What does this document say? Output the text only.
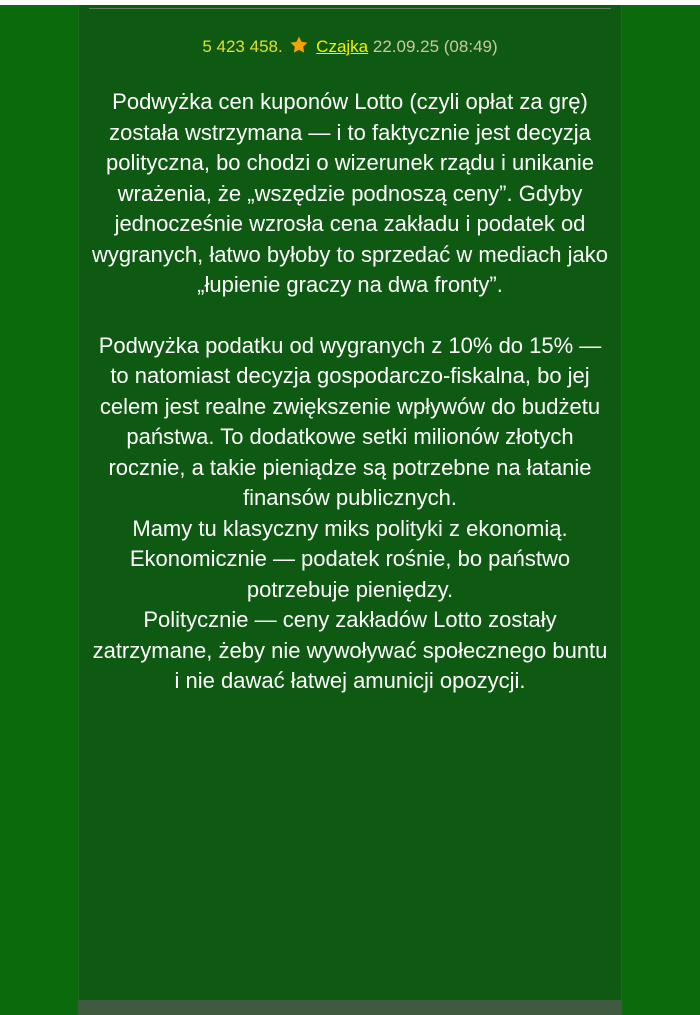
5 423 458. Czajka 22.09.25 (08:49)

Podwyżka cen kuponów Lotto (czyli opłat za grę) została wstrzymana — i to faktycznie jest decyzja polityczna, bo chodzi o wizerunek rządu i unikanie wrażenia, że „wszędzie podnoszą ceny”. Gdyby jednocześnie wzrosła cena zakładu i podatek od wygranych, łatwo byłoby to sprzedać w mediach jako „łupienie graczy na dwa fronty”.

Podwyżka podatku od wygranych z 10% do 15% — to natomiast decyzja gospodarczo-fiskalna, bo jej celem jest realne zwiększenie wpływów do budżetu państwa. To dodatkowe setki milionów złotych rocznie, a takie pieniądze są potrzebne na łatanie finansów publicznych.

Mamy tu klasyczny miks polityki z ekonomią. Ekonomicznie — podatek rośnie, bo państwo potrzebuje pieniędzy.

Politycznie — ceny zakładów Lotto zostały zatrzymane, żeby nie wywoływać społecznego buntu i nie dawać łatwej amunicji opozycji.
